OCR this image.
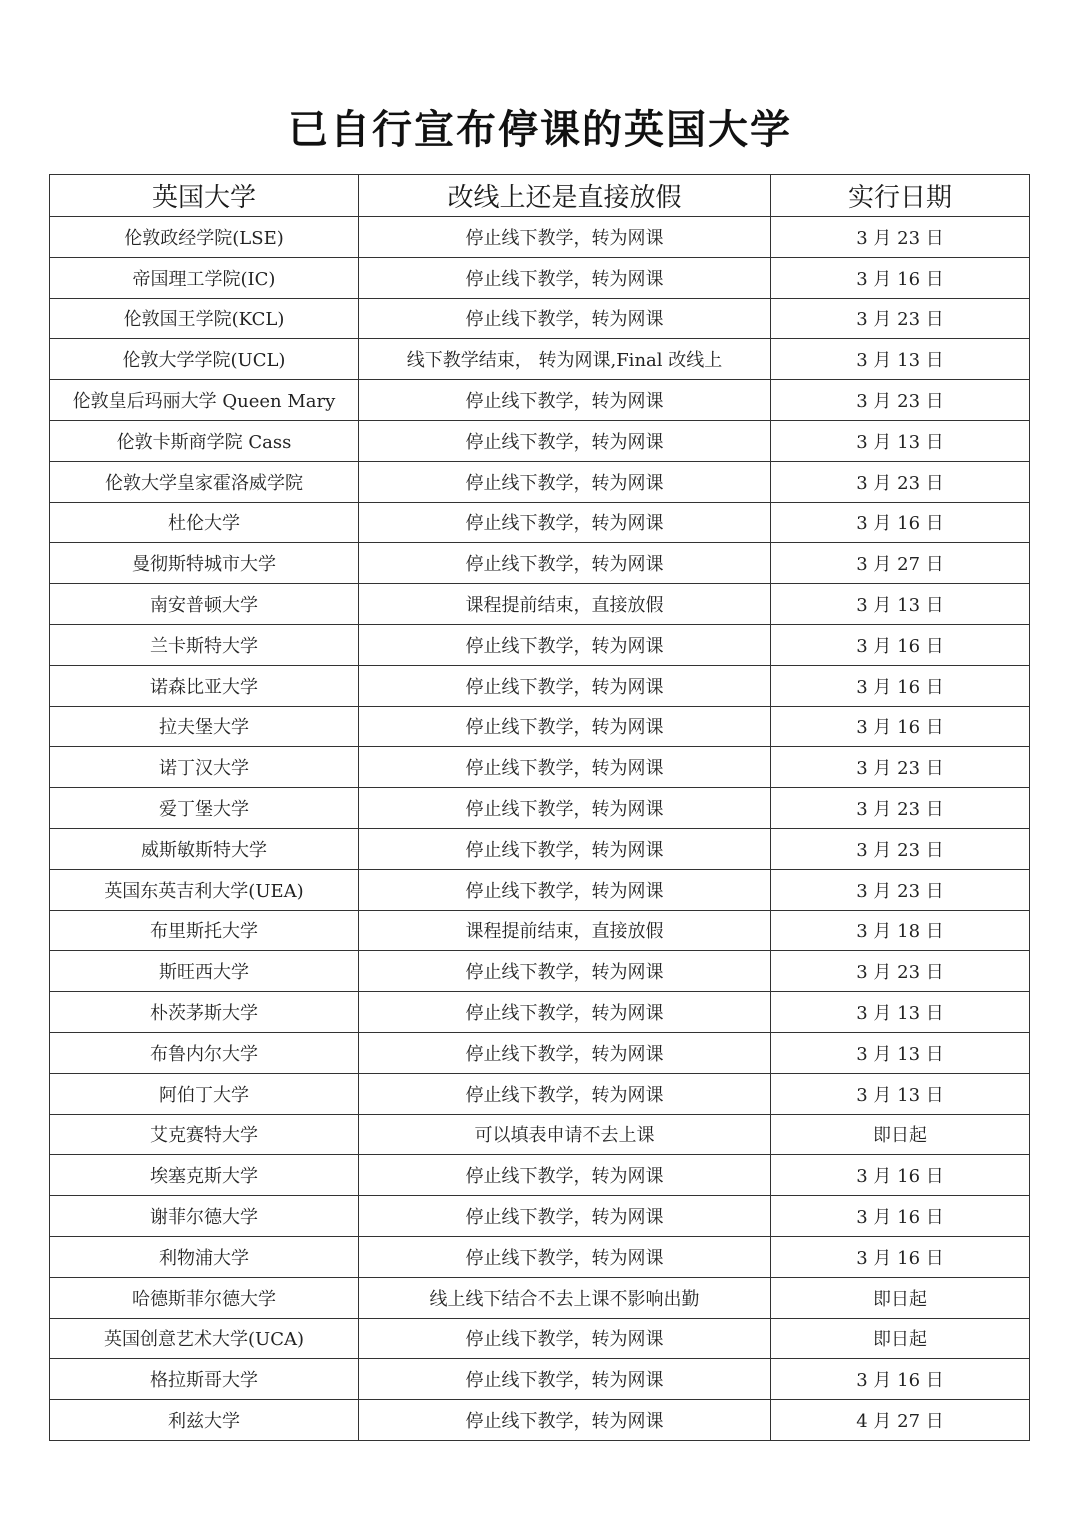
已自行宣布停课的英国大学
英国大学	改线上还是直接放假	实行日期
伦敦政经学院(LSE)	停止线下教学，转为网课	3 月 23 日
帝国理工学院(IC)	停止线下教学，转为网课	3 月 16 日
伦敦国王学院(KCL)	停止线下教学，转为网课	3 月 23 日
伦敦大学学院(UCL)	线下教学结束， 转为网课,Final 改线上	3 月 13 日
伦敦皇后玛丽大学 Queen Mary	停止线下教学，转为网课	3 月 23 日
伦敦卡斯商学院 Cass	停止线下教学，转为网课	3 月 13 日
伦敦大学皇家霍洛威学院	停止线下教学，转为网课	3 月 23 日
杜伦大学	停止线下教学，转为网课	3 月 16 日
曼彻斯特城市大学	停止线下教学，转为网课	3 月 27 日
南安普顿大学	课程提前结束，直接放假	3 月 13 日
兰卡斯特大学	停止线下教学，转为网课	3 月 16 日
诺森比亚大学	停止线下教学，转为网课	3 月 16 日
拉夫堡大学	停止线下教学，转为网课	3 月 16 日
诺丁汉大学	停止线下教学，转为网课	3 月 23 日
爱丁堡大学	停止线下教学，转为网课	3 月 23 日
威斯敏斯特大学	停止线下教学，转为网课	3 月 23 日
英国东英吉利大学(UEA)	停止线下教学，转为网课	3 月 23 日
布里斯托大学	课程提前结束，直接放假	3 月 18 日
斯旺西大学	停止线下教学，转为网课	3 月 23 日
朴茨茅斯大学	停止线下教学，转为网课	3 月 13 日
布鲁内尔大学	停止线下教学，转为网课	3 月 13 日
阿伯丁大学	停止线下教学，转为网课	3 月 13 日
艾克赛特大学	可以填表申请不去上课	即日起
埃塞克斯大学	停止线下教学，转为网课	3 月 16 日
谢菲尔德大学	停止线下教学，转为网课	3 月 16 日
利物浦大学	停止线下教学，转为网课	3 月 16 日
哈德斯菲尔德大学	线上线下结合不去上课不影响出勤	即日起
英国创意艺术大学(UCA)	停止线下教学，转为网课	即日起
格拉斯哥大学	停止线下教学，转为网课	3 月 16 日
利兹大学	停止线下教学，转为网课	4 月 27 日
